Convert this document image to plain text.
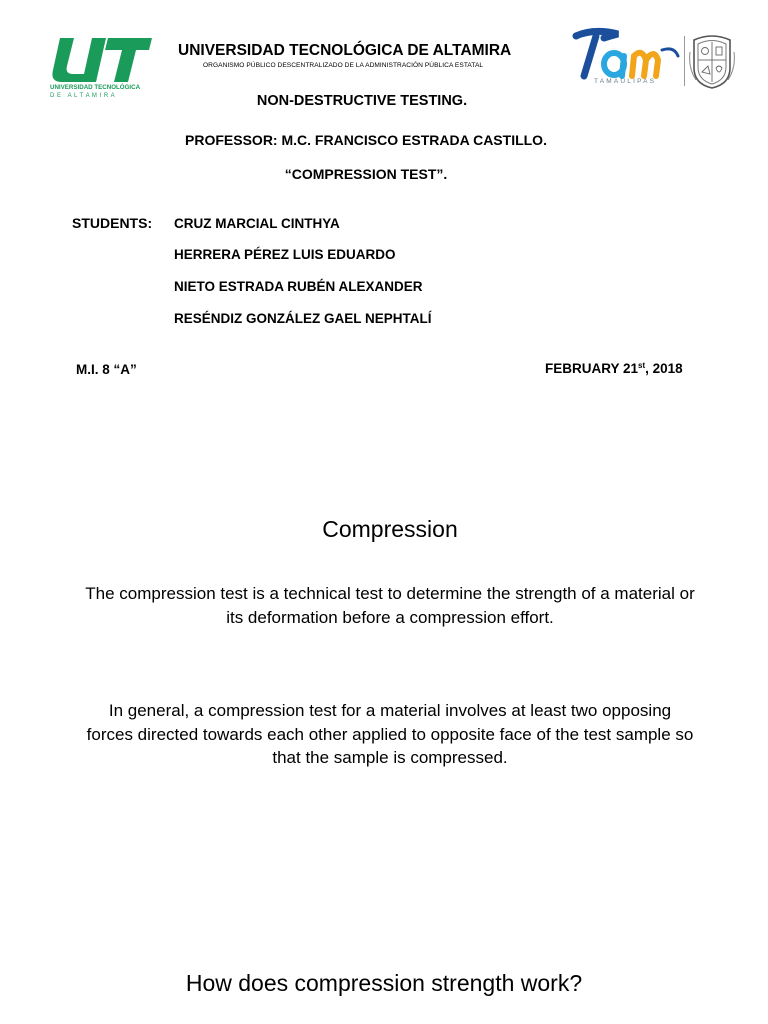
UNIVERSIDAD TECNOLÓGICA
D E   A L T A M I R A
UNIVERSIDAD TECNOLÓGICA DE ALTAMIRA
ORGANISMO PÚBLICO DESCENTRALIZADO DE LA ADMINISTRACIÓN PÚBLICA ESTATAL
TAMAULIPAS
NON-DESTRUCTIVE TESTING.
PROFESSOR: M.C. FRANCISCO ESTRADA CASTILLO.
“COMPRESSION TEST”.
STUDENTS: CRUZ MARCIAL CINTHYA
HERRERA PÉREZ LUIS EDUARDO
NIETO ESTRADA RUBÉN ALEXANDER
RESÉNDIZ GONZÁLEZ GAEL NEPHTALÍ
M.I. 8 “A”	FEBRUARY 21st, 2018
Compression
The compression test is a technical test to determine the strength of a material or its deformation before a compression effort.
In general, a compression test for a material involves at least two opposing forces directed towards each other applied to opposite face of the test sample so that the sample is compressed.
How does compression strength work?
